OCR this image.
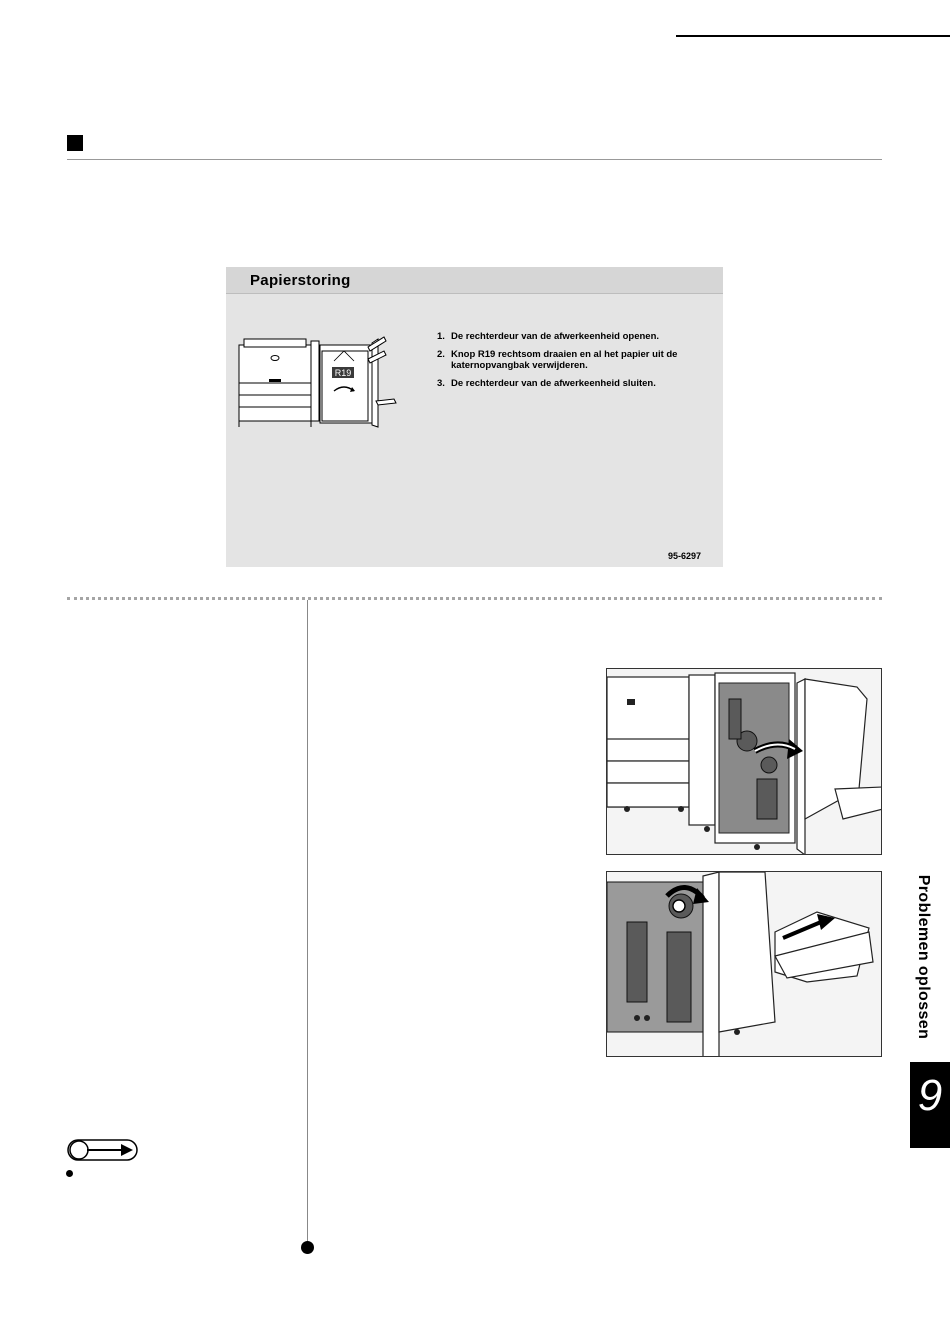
Papierstoring
R19
1. De rechterdeur van de afwerkeenheid openen.
2. Knop R19 rechtsom draaien en al het papier uit de katernopvangbak verwijderen.
3. De rechterdeur van de afwerkeenheid sluiten.
95-6297
Problemen oplossen
9
